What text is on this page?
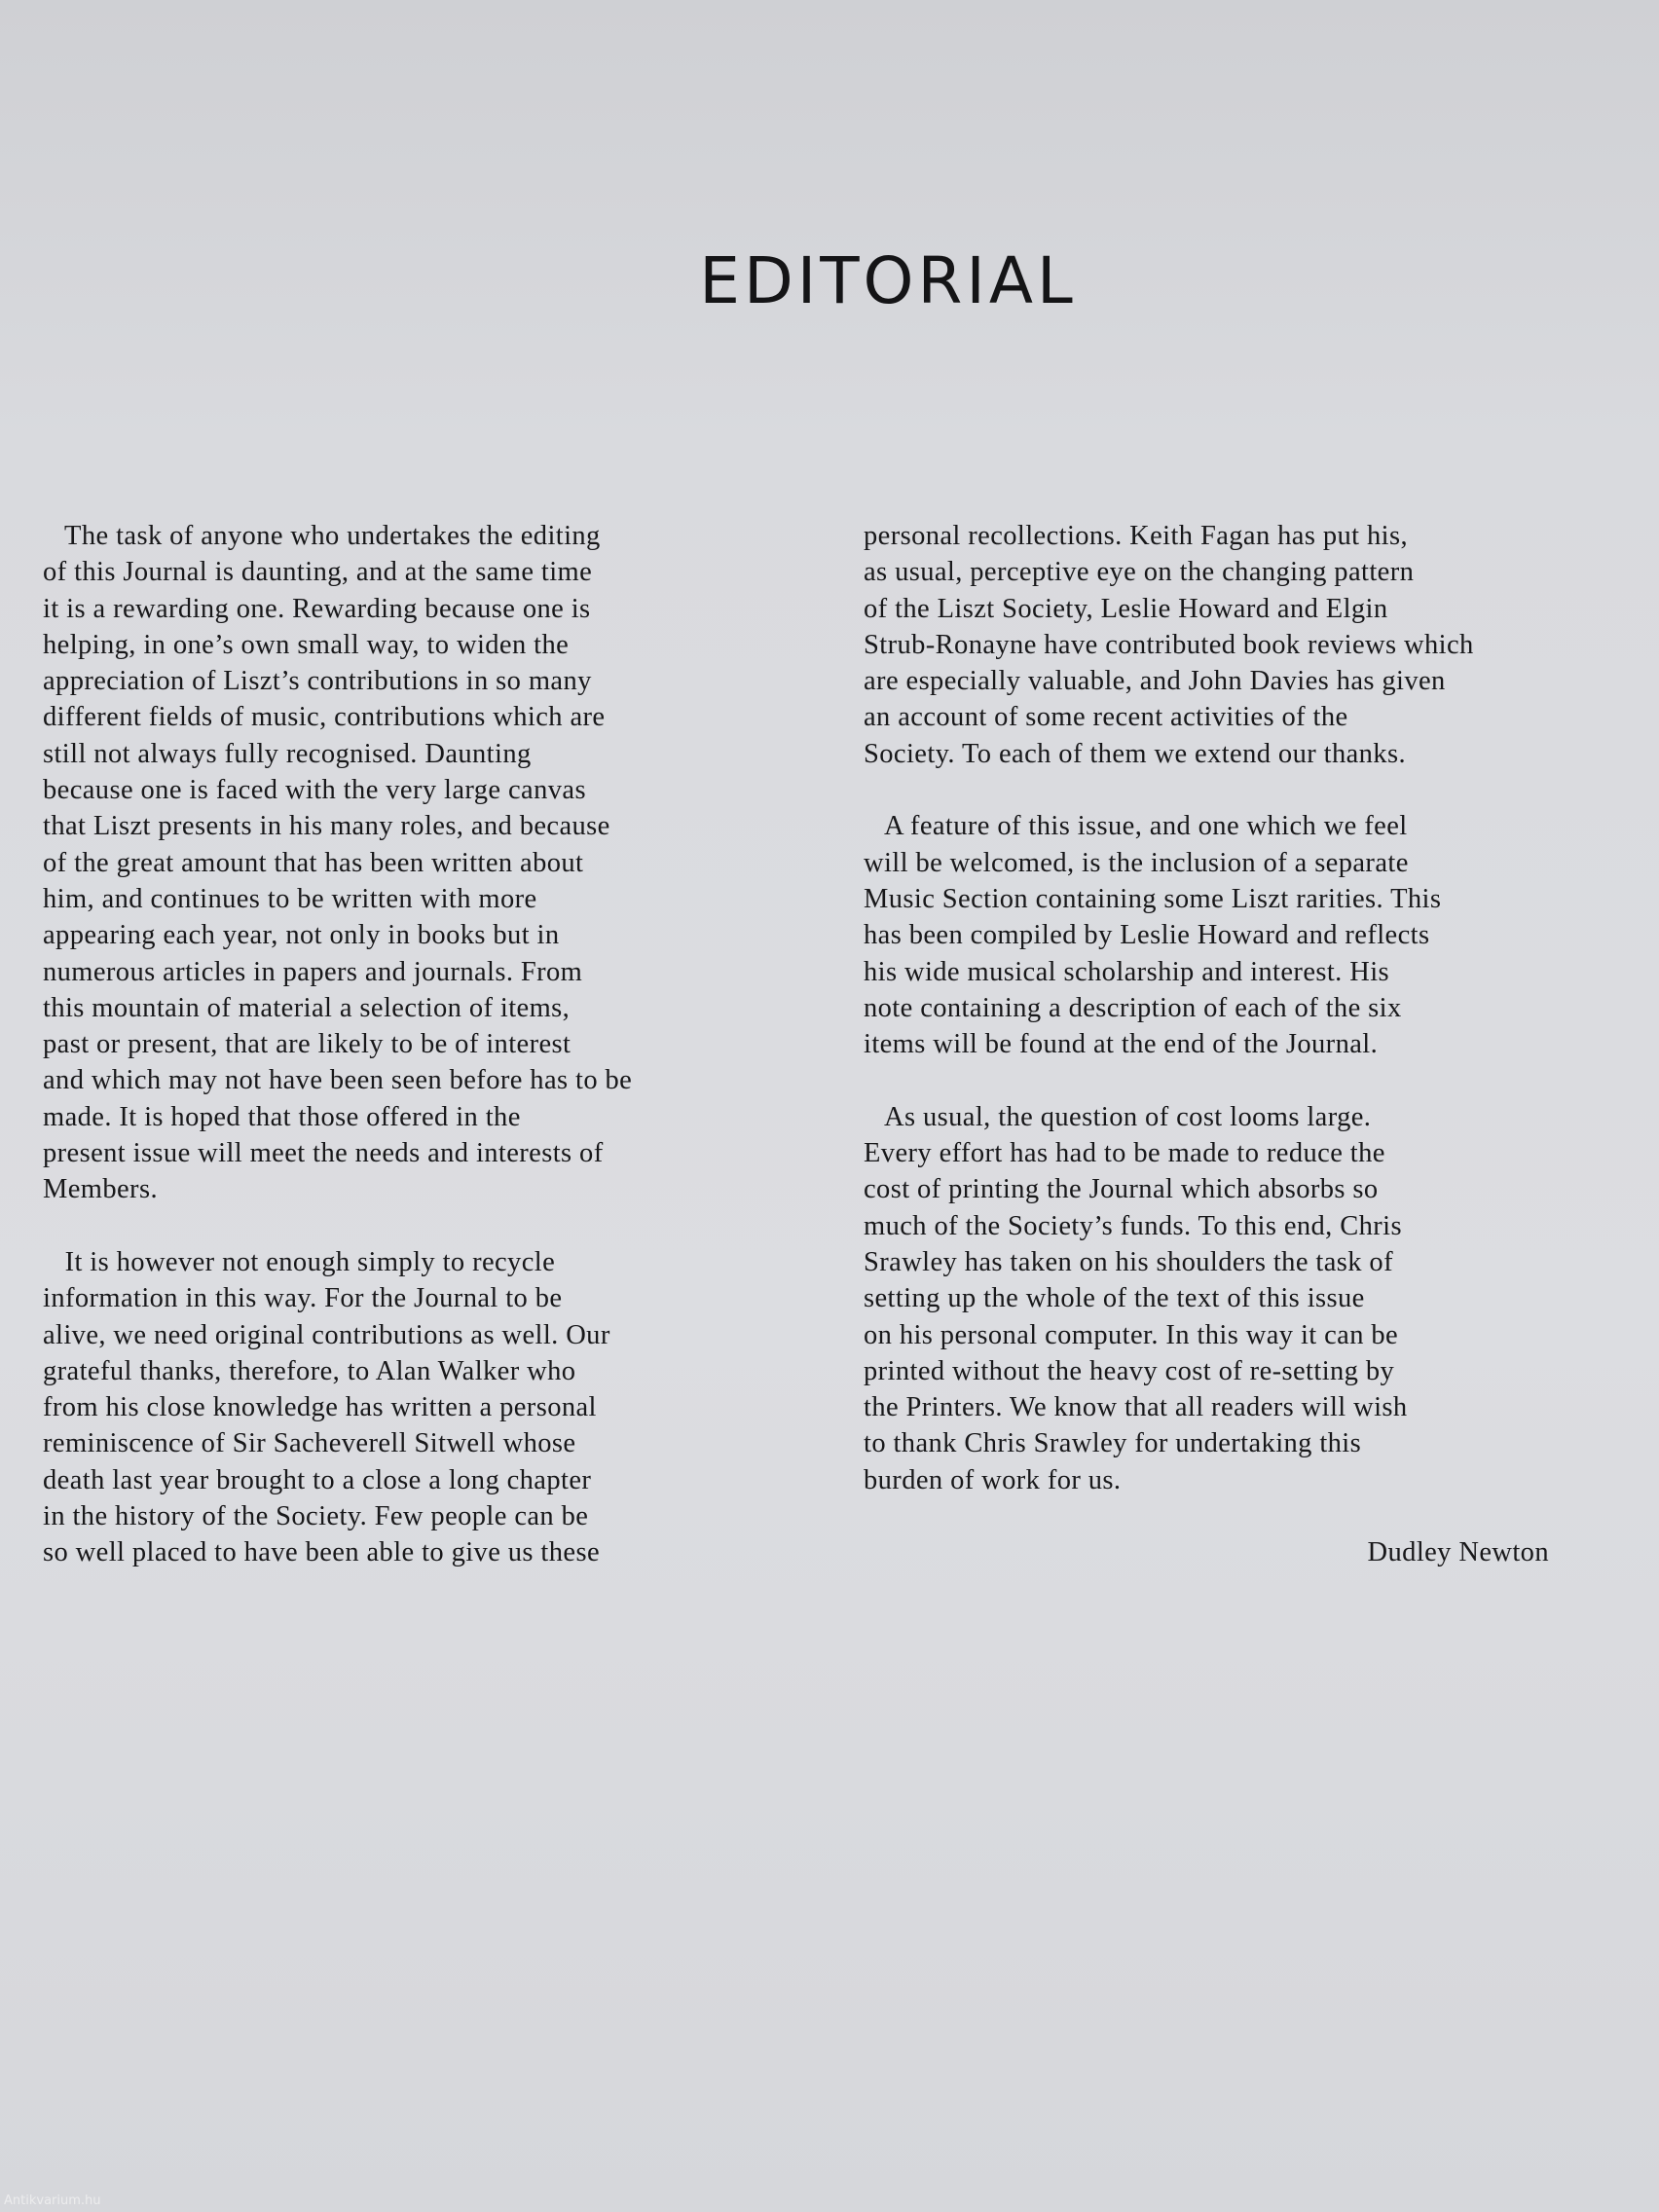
EDITORIAL

The task of anyone who undertakes the editing
of this Journal is daunting, and at the same time
it is a rewarding one. Rewarding because one is
helping, in one’s own small way, to widen the
appreciation of Liszt’s contributions in so many
different fields of music, contributions which are
still not always fully recognised. Daunting
because one is faced with the very large canvas
that Liszt presents in his many roles, and because
of the great amount that has been written about
him, and continues to be written with more
appearing each year, not only in books but in
numerous articles in papers and journals. From
this mountain of material a selection of items,
past or present, that are likely to be of interest
and which may not have been seen before has to be
made. It is hoped that those offered in the
present issue will meet the needs and interests of
Members.

It is however not enough simply to recycle
information in this way. For the Journal to be
alive, we need original contributions as well. Our
grateful thanks, therefore, to Alan Walker who
from his close knowledge has written a personal
reminiscence of Sir Sacheverell Sitwell whose
death last year brought to a close a long chapter
in the history of the Society. Few people can be
so well placed to have been able to give us these

personal recollections. Keith Fagan has put his,
as usual, perceptive eye on the changing pattern
of the Liszt Society, Leslie Howard and Elgin
Strub-Ronayne have contributed book reviews which
are especially valuable, and John Davies has given
an account of some recent activities of the
Society. To each of them we extend our thanks.

A feature of this issue, and one which we feel
will be welcomed, is the inclusion of a separate
Music Section containing some Liszt rarities. This
has been compiled by Leslie Howard and reflects
his wide musical scholarship and interest. His
note containing a description of each of the six
items will be found at the end of the Journal.

As usual, the question of cost looms large.
Every effort has had to be made to reduce the
cost of printing the Journal which absorbs so
much of the Society’s funds. To this end, Chris
Srawley has taken on his shoulders the task of
setting up the whole of the text of this issue
on his personal computer. In this way it can be
printed without the heavy cost of re-setting by
the Printers. We know that all readers will wish
to thank Chris Srawley for undertaking this
burden of work for us.

Dudley Newton
Antikvarium.hu
